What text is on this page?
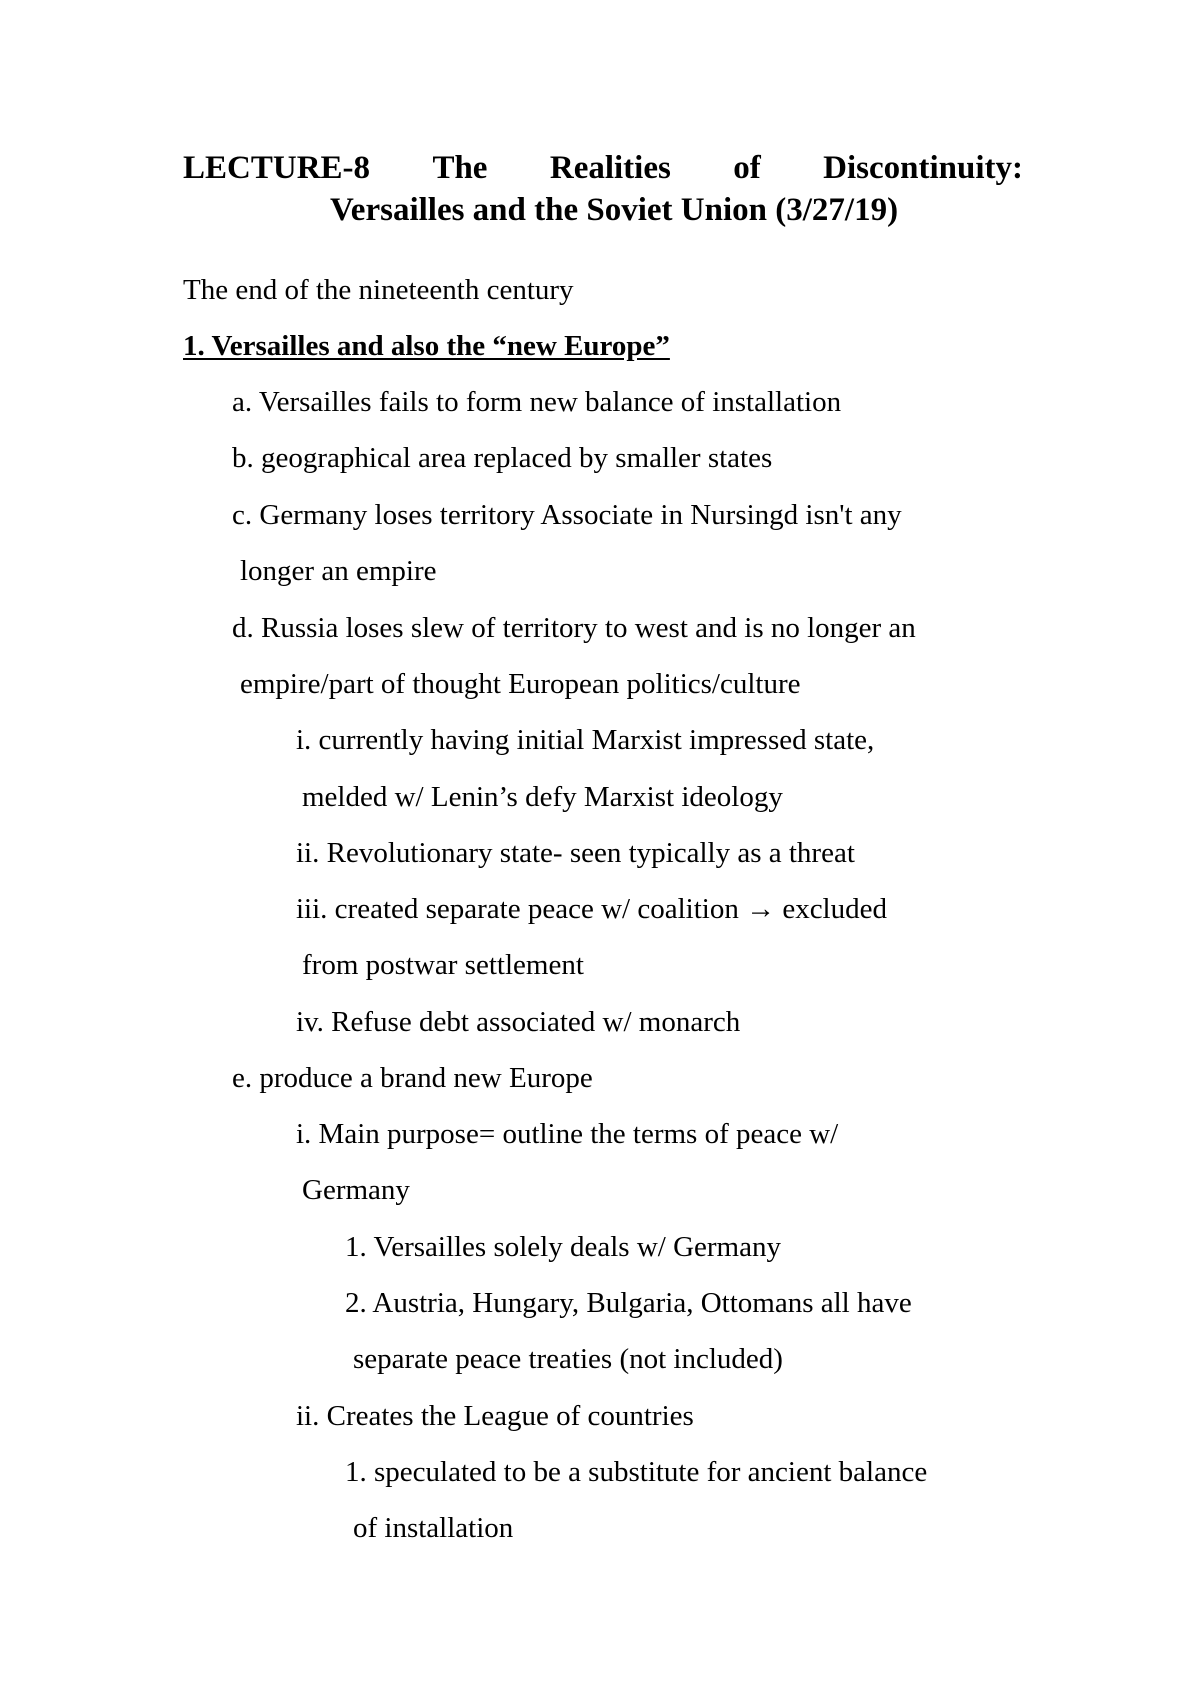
LECTURE-8 The Realities of Discontinuity:
Versailles and the Soviet Union (3/27/19)
The end of the nineteenth century
1. Versailles and also the “new Europe”
a. Versailles fails to form new balance of installation
b. geographical area replaced by smaller states
c. Germany loses territory Associate in Nursingd isn't any
longer an empire
d. Russia loses slew of territory to west and is no longer an
empire/part of thought European politics/culture
i. currently having initial Marxist impressed state,
melded w/ Lenin’s defy Marxist ideology
ii. Revolutionary state- seen typically as a threat
iii. created separate peace w/ coalition → excluded
from postwar settlement
iv. Refuse debt associated w/ monarch
e. produce a brand new Europe
i. Main purpose= outline the terms of peace w/
Germany
1. Versailles solely deals w/ Germany
2. Austria, Hungary, Bulgaria, Ottomans all have
separate peace treaties (not included)
ii. Creates the League of countries
1. speculated to be a substitute for ancient balance
of installation
